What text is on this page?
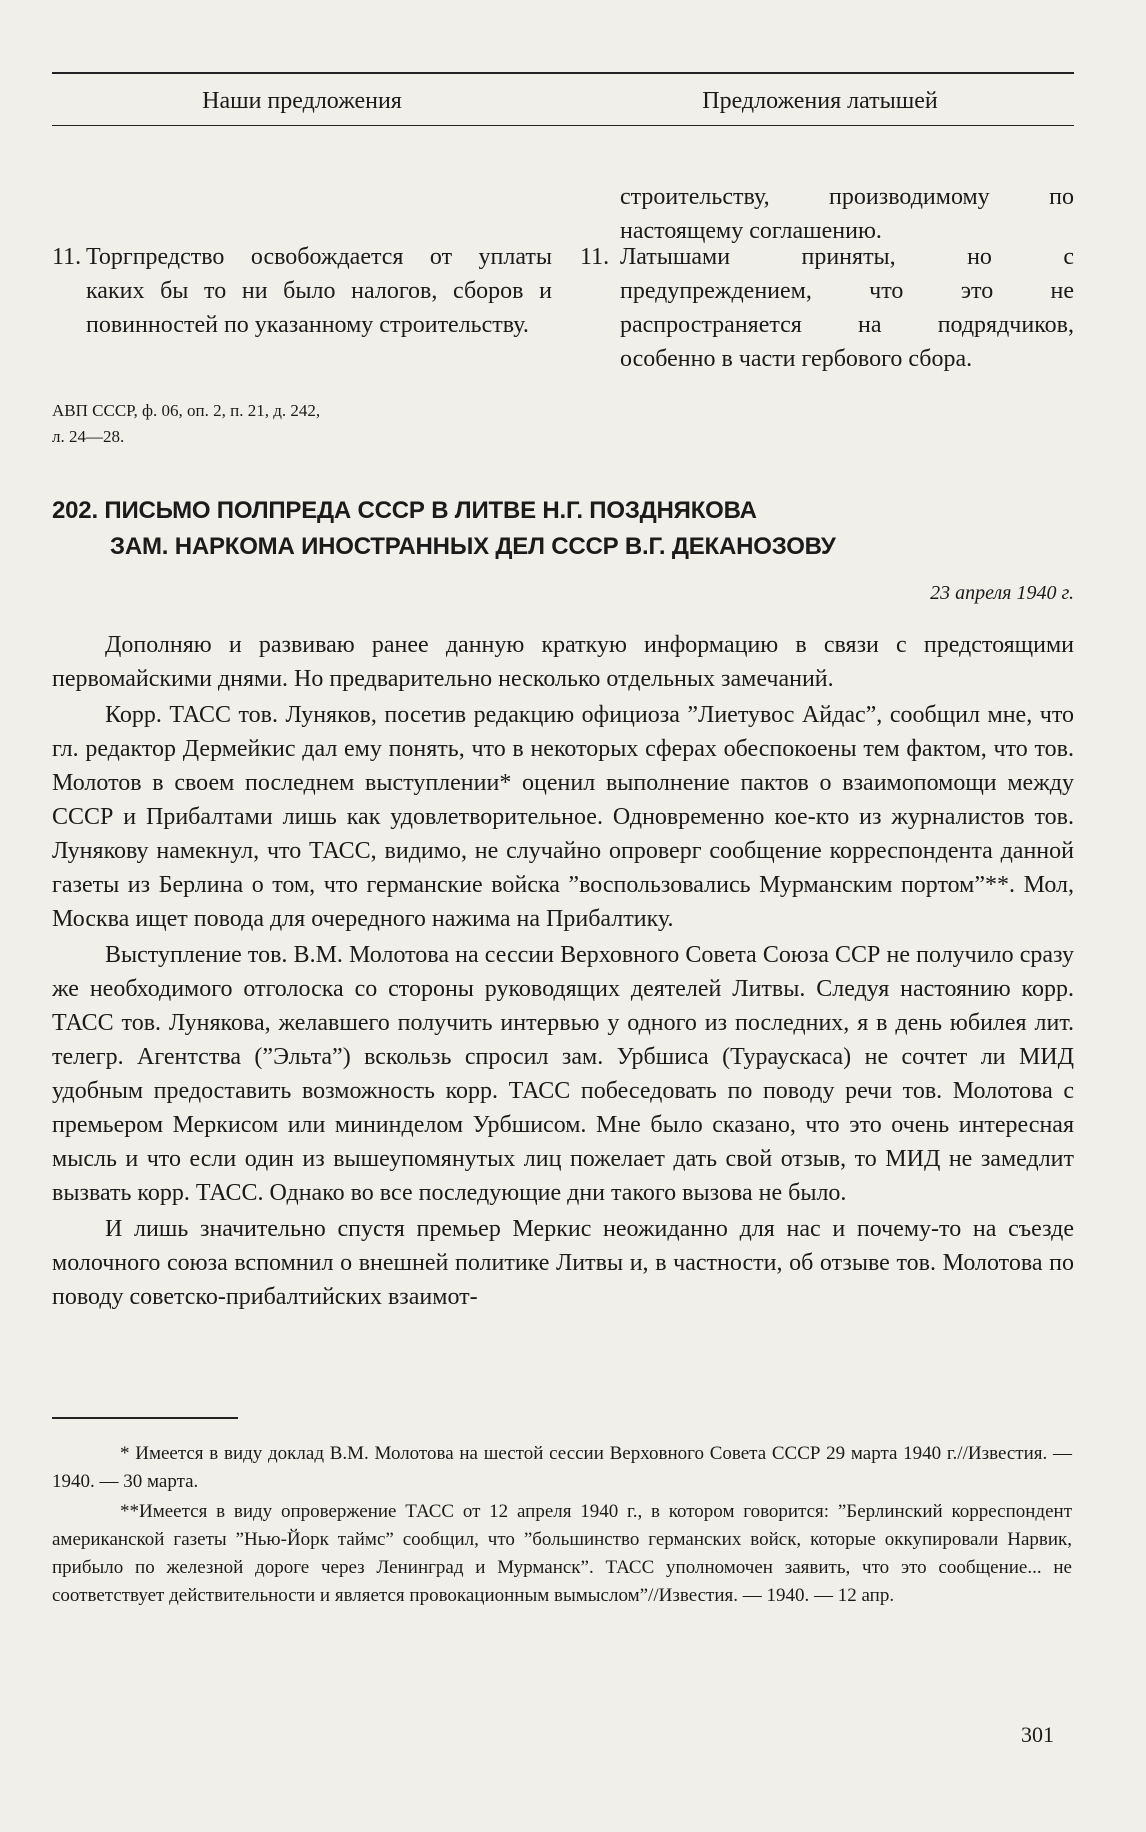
Наши предложения	Предложения латышей

строительству, производимому по настоящему соглашению.

11. Торгпредство освобождается от уплаты каких бы то ни было налогов, сборов и повинностей по указанному строительству.

11. Латышами приняты, но с предупреждением, что это не распространяется на подрядчиков, особенно в части гербового сбора.

АВП СССР, ф. 06, оп. 2, п. 21, д. 242,
л. 24—28.
202. ПИСЬМО ПОЛПРЕДА СССР В ЛИТВЕ Н.Г. ПОЗДНЯКОВА
ЗАМ. НАРКОМА ИНОСТРАННЫХ ДЕЛ СССР В.Г. ДЕКАНОЗОВУ
23 апреля 1940 г.

Дополняю и развиваю ранее данную краткую информацию в связи с предстоящими первомайскими днями. Но предварительно несколько отдельных замечаний.

Корр. ТАСС тов. Луняков, посетив редакцию официоза ”Лиетувос Айдас”, сообщил мне, что гл. редактор Дермейкис дал ему понять, что в некоторых сферах обеспокоены тем фактом, что тов. Молотов в своем последнем выступлении* оценил выполнение пактов о взаимопомощи между СССР и Прибалтами лишь как удовлетворительное. Одновременно кое-кто из журналистов тов. Лунякову намекнул, что ТАСС, видимо, не случайно опроверг сообщение корреспондента данной газеты из Берлина о том, что германские войска ”воспользовались Мурманским портом”**. Мол, Москва ищет повода для очередного нажима на Прибалтику.

Выступление тов. В.М. Молотова на сессии Верховного Совета Союза ССР не получило сразу же необходимого отголоска со стороны руководящих деятелей Литвы. Следуя настоянию корр. ТАСС тов. Лунякова, желавшего получить интервью у одного из последних, я в день юбилея лит. телегр. Агентства (”Эльта”) вскользь спросил зам. Урбшиса (Тураускаса) не сочтет ли МИД удобным предоставить возможность корр. ТАСС побеседовать по поводу речи тов. Молотова с премьером Меркисом или мининделом Урбшисом. Мне было сказано, что это очень интересная мысль и что если один из вышеупомянутых лиц пожелает дать свой отзыв, то МИД не замедлит вызвать корр. ТАСС. Однако во все последующие дни такого вызова не было.

И лишь значительно спустя премьер Меркис неожиданно для нас и почему-то на съезде молочного союза вспомнил о внешней политике Литвы и, в частности, об отзыве тов. Молотова по поводу советско-прибалтийских взаимот-

* Имеется в виду доклад В.М. Молотова на шестой сессии Верховного Совета СССР 29 марта 1940 г.//Известия. — 1940. — 30 марта.

**Имеется в виду опровержение ТАСС от 12 апреля 1940 г., в котором говорится: ”Берлинский корреспондент американской газеты ”Нью-Йорк таймс” сообщил, что ”большинство германских войск, которые оккупировали Нарвик, прибыло по железной дороге через Ленинград и Мурманск”. ТАСС уполномочен заявить, что это сообщение... не соответствует действительности и является провокационным вымыслом”//Известия. — 1940. — 12 апр.

301
